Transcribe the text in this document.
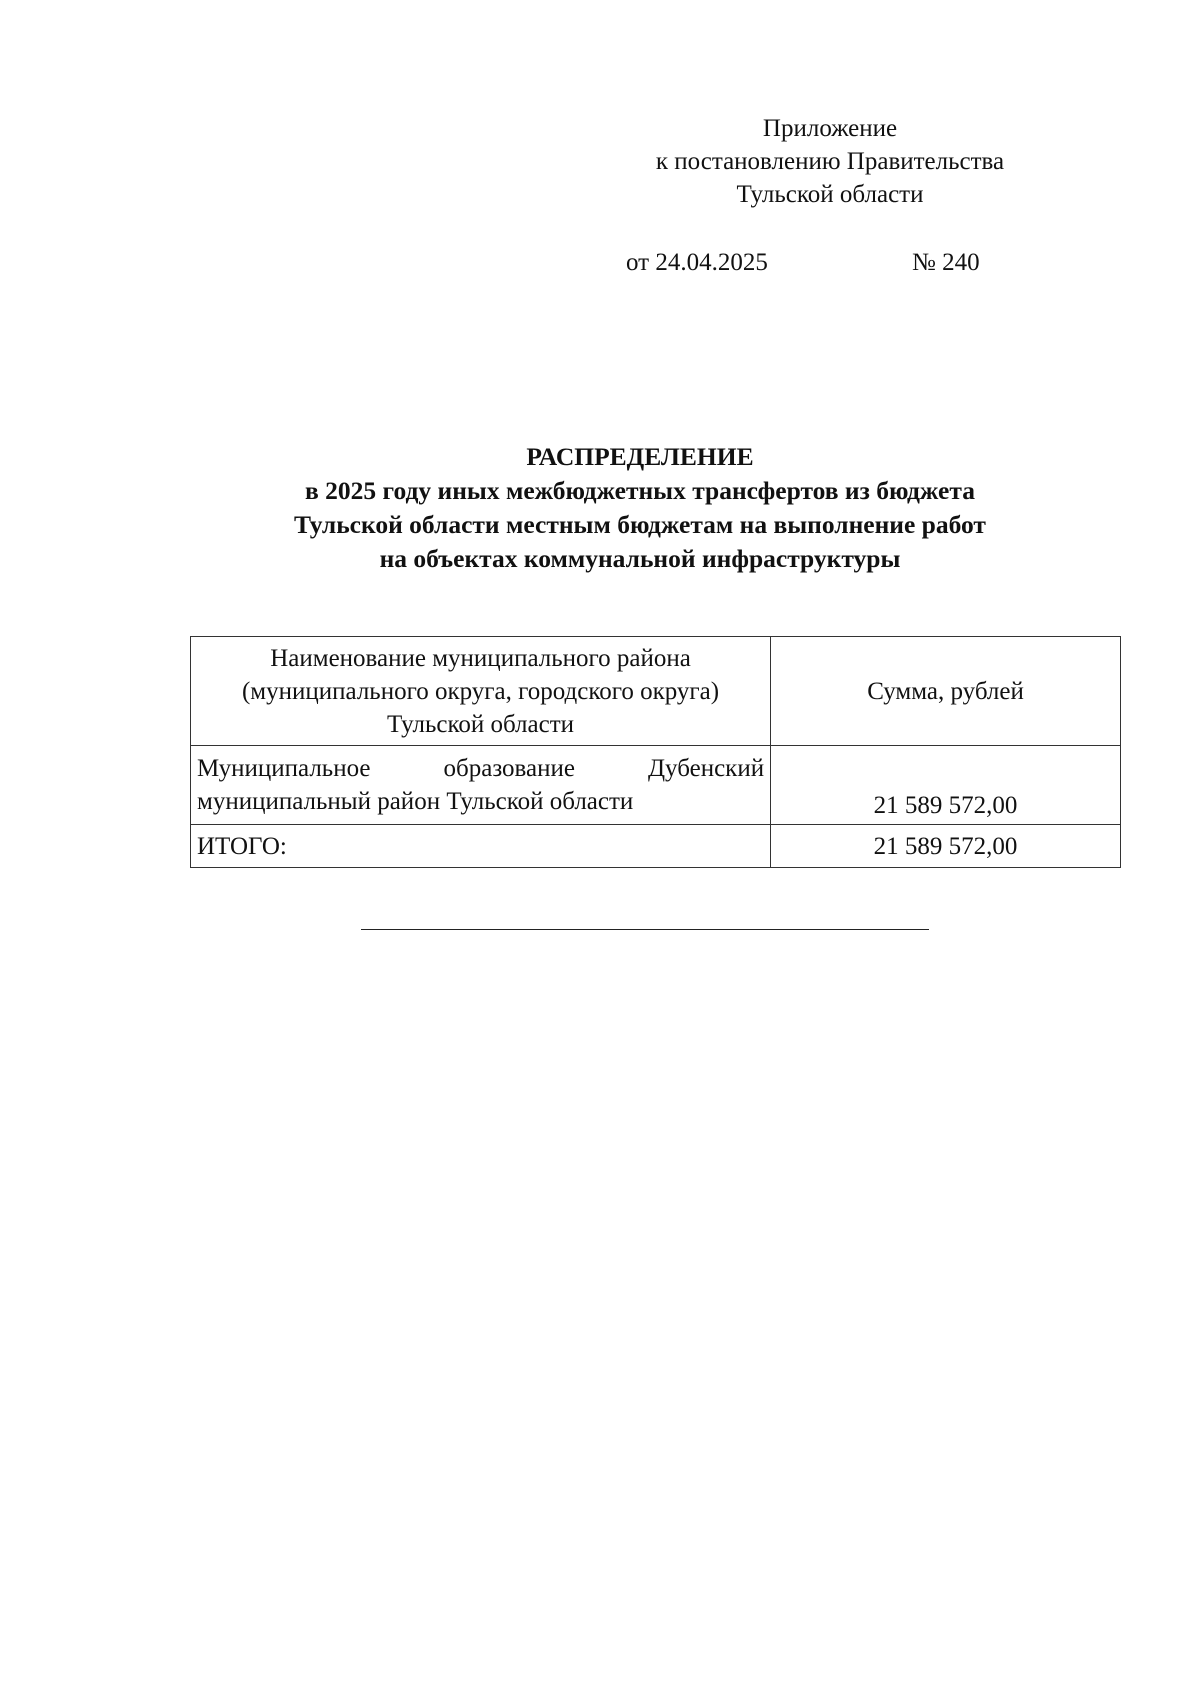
Приложение
к постановлению Правительства
Тульской области
от 24.04.2025	№ 240
РАСПРЕДЕЛЕНИЕ
в 2025 году иных межбюджетных трансфертов из бюджета
Тульской области местным бюджетам на выполнение работ
на объектах коммунальной инфраструктуры
Наименование муниципального района
(муниципального округа, городского округа)
Тульской области	Сумма, рублей
Муниципальное образование Дубенский муниципальный район Тульской области	21 589 572,00
ИТОГО:	21 589 572,00
